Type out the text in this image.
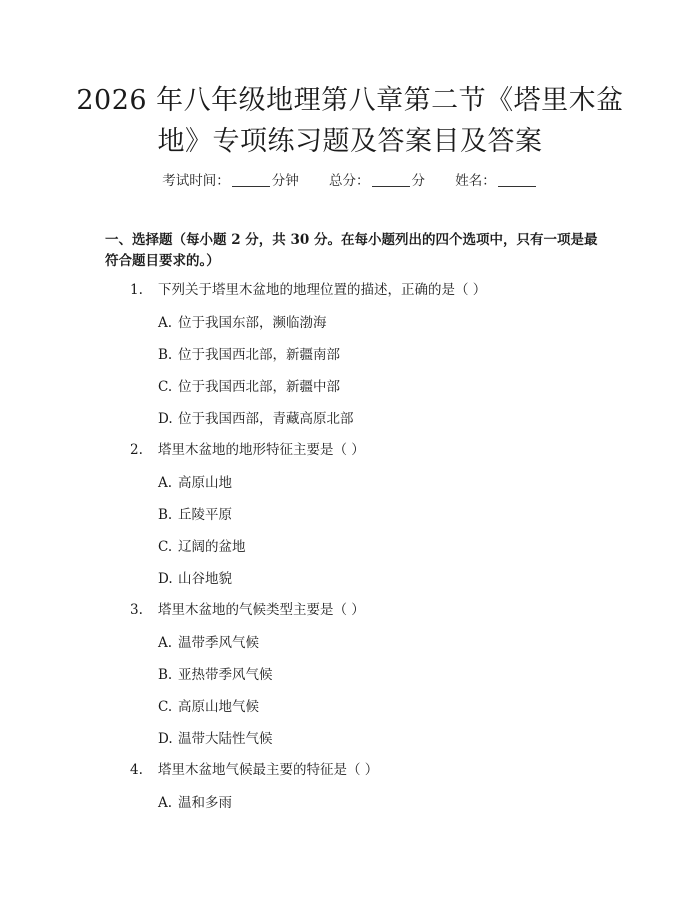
2026 年八年级地理第八章第二节《塔里木盆
地》专项练习题及答案目及答案
考试时间：	分钟 总分：	分 姓名：

一、选择题（每小题 2 分，共 30 分。在每小题列出的四个选项中，只有一项是最符合题目要求的。）

1. 下列关于塔里木盆地的地理位置的描述，正确的是（ ）
A. 位于我国东部，濒临渤海
B. 位于我国西北部，新疆南部
C. 位于我国西北部，新疆中部
D. 位于我国西部，青藏高原北部
2. 塔里木盆地的地形特征主要是（ ）
A. 高原山地
B. 丘陵平原
C. 辽阔的盆地
D. 山谷地貌
3. 塔里木盆地的气候类型主要是（ ）
A. 温带季风气候
B. 亚热带季风气候
C. 高原山地气候
D. 温带大陆性气候
4. 塔里木盆地气候最主要的特征是（ ）
A. 温和多雨
